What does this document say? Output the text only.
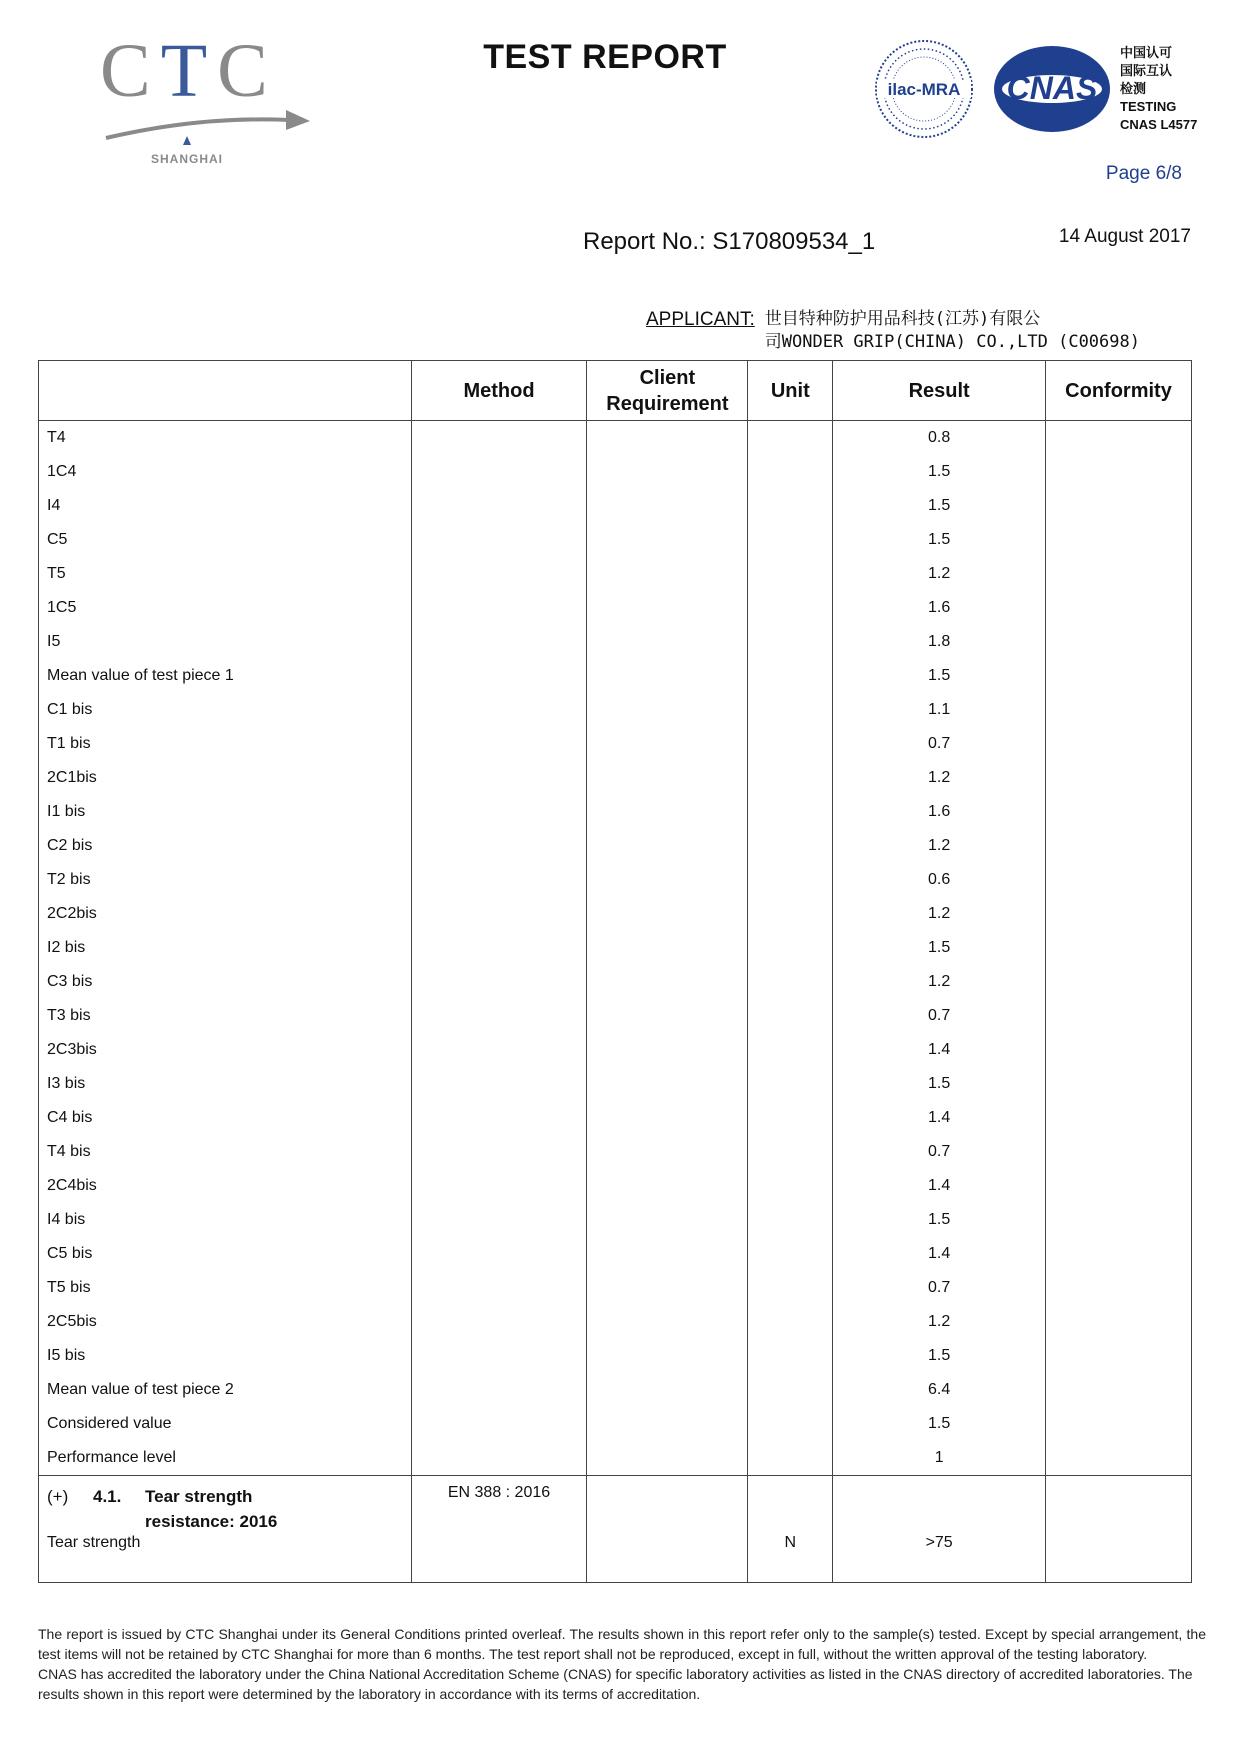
CTC
SHANGHAI
TEST REPORT
ilac-MRA CNAS
中国认可
国际互认
检测
TESTING
CNAS L4577
Page 6/8
Report No.: S170809534_1	14 August 2017
APPLICANT: 世目特种防护用品科技(江苏)有限公
司WONDER GRIP(CHINA) CO.,LTD (C00698)
	Method	Client Requirement	Unit	Result	Conformity
T4				0.8	
1C4				1.5	
I4				1.5	
C5				1.5	
T5				1.2	
1C5				1.6	
I5				1.8	
Mean value of test piece 1				1.5	
C1 bis				1.1	
T1 bis				0.7	
2C1bis				1.2	
I1 bis				1.6	
C2 bis				1.2	
T2 bis				0.6	
2C2bis				1.2	
I2 bis				1.5	
C3 bis				1.2	
T3 bis				0.7	
2C3bis				1.4	
I3 bis				1.5	
C4 bis				1.4	
T4 bis				0.7	
2C4bis				1.4	
I4 bis				1.5	
C5 bis				1.4	
T5 bis				0.7	
2C5bis				1.2	
I5 bis				1.5	
Mean value of test piece 2				6.4	
Considered value				1.5	
Performance level				1	

(+) 4.1. Tear strength
resistance: 2016	EN 388 : 2016				
Tear strength			N	>75	

The report is issued by CTC Shanghai under its General Conditions printed overleaf. The results shown in this report refer only to the sample(s) tested. Except by special arrangement, the test items will not be retained by CTC Shanghai for more than 6 months. The test report shall not be reproduced, except in full, without the written approval of the testing laboratory.

CNAS has accredited the laboratory under the China National Accreditation Scheme (CNAS) for specific laboratory activities as listed in the CNAS directory of accredited laboratories. The results shown in this report were determined by the laboratory in accordance with its terms of accreditation.
